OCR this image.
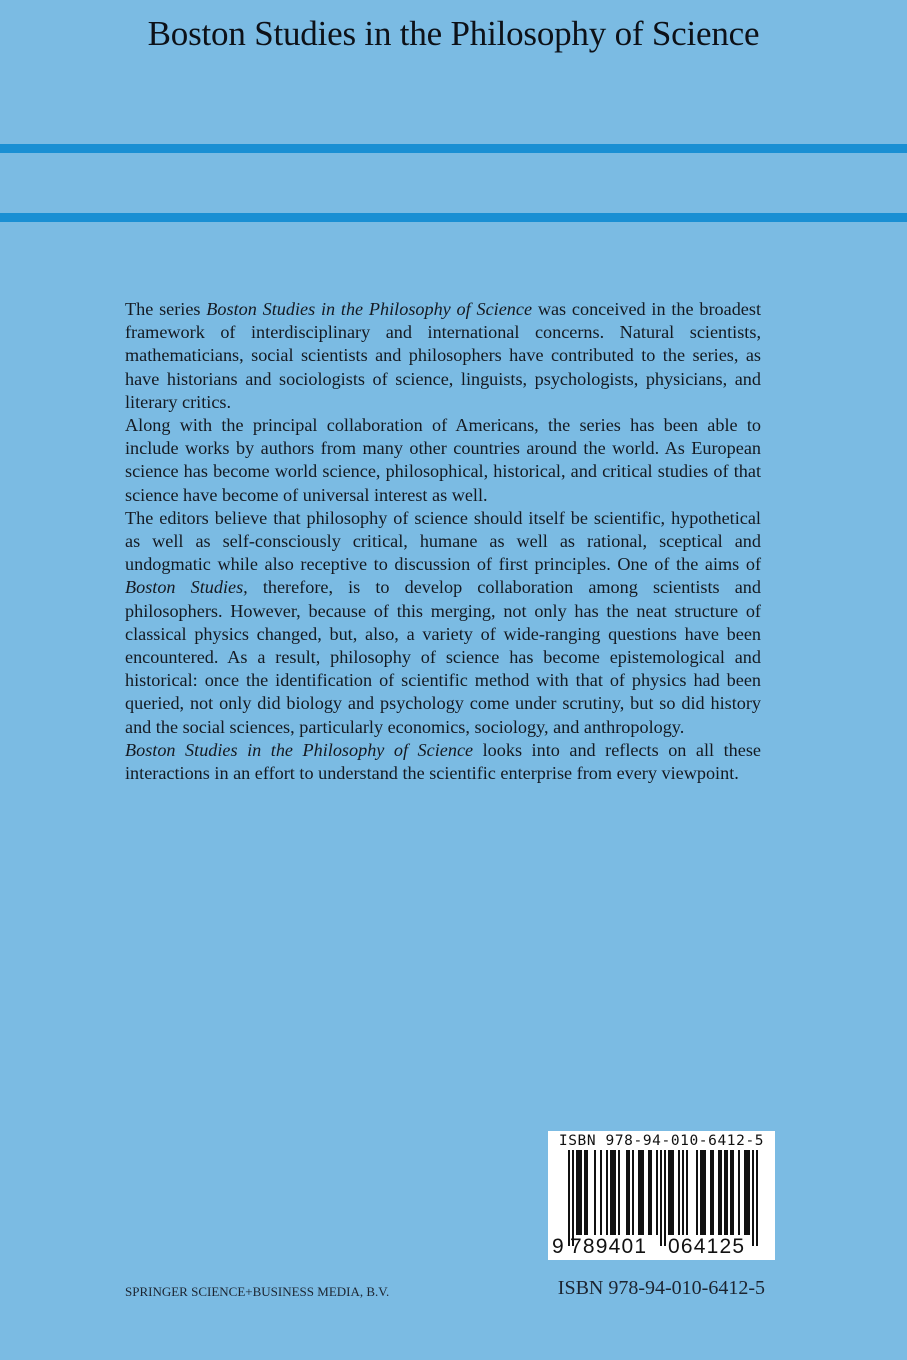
Boston Studies in the Philosophy of Science

The series Boston Studies in the Philosophy of Science was conceived in the broadest framework of interdisciplinary and international concerns. Natural scientists, mathematicians, social scientists and philosophers have contributed to the series, as have historians and sociologists of science, linguists, psychologists, physicians, and literary critics.

Along with the principal collaboration of Americans, the series has been able to include works by authors from many other countries around the world. As European science has become world science, philosophical, historical, and critical studies of that science have become of universal interest as well.

The editors believe that philosophy of science should itself be scientific, hypothetical as well as self-consciously critical, humane as well as rational, sceptical and undogmatic while also receptive to discussion of first principles. One of the aims of Boston Studies, therefore, is to develop collaboration among scientists and philosophers. However, because of this merging, not only has the neat structure of classical physics changed, but, also, a variety of wide-ranging questions have been encountered. As a result, philosophy of science has become epistemological and historical: once the identification of scientific method with that of physics had been queried, not only did biology and psychology come under scrutiny, but so did history and the social sciences, particularly economics, sociology, and anthropology.

Boston Studies in the Philosophy of Science looks into and reflects on all these interactions in an effort to understand the scientific enterprise from every viewpoint.

ISBN 978-94-010-6412-5
9 789401 064125
SPRINGER SCIENCE+BUSINESS MEDIA, B.V.	ISBN 978-94-010-6412-5
